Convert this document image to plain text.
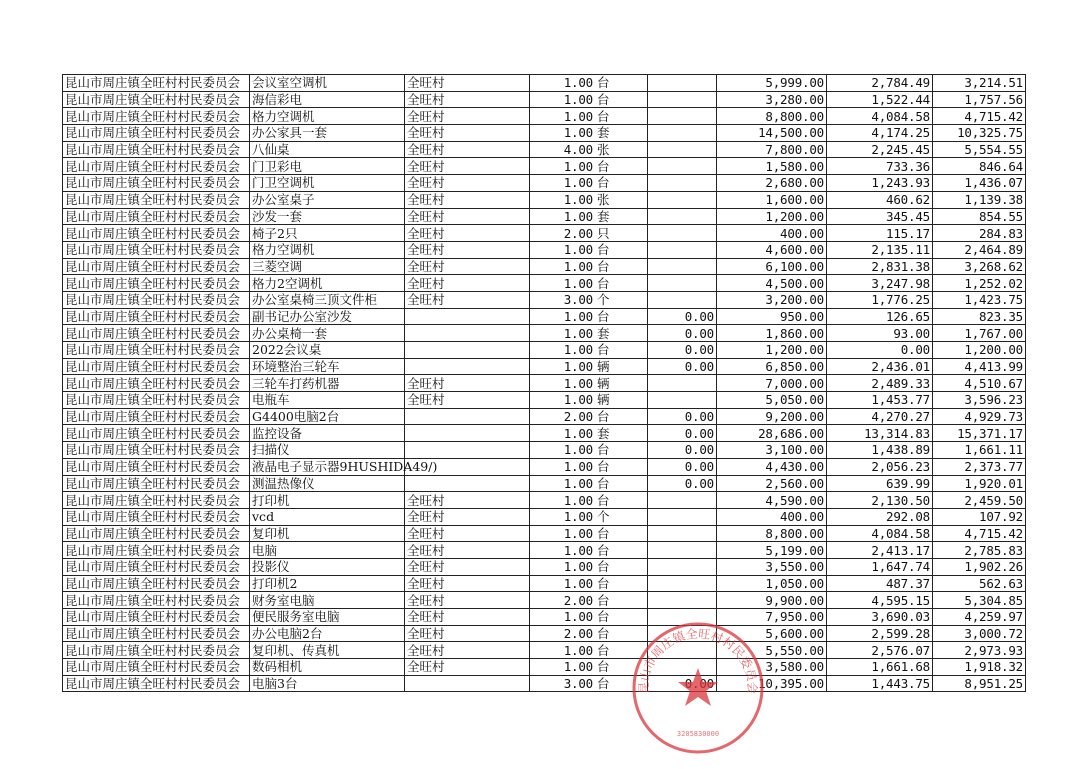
昆山市周庄镇全旺村村民委员会	会议室空调机	全旺村	1.00	台		5,999.00	2,784.49	3,214.51
昆山市周庄镇全旺村村民委员会	海信彩电	全旺村	1.00	台		3,280.00	1,522.44	1,757.56
昆山市周庄镇全旺村村民委员会	格力空调机	全旺村	1.00	台		8,800.00	4,084.58	4,715.42
昆山市周庄镇全旺村村民委员会	办公家具一套	全旺村	1.00	套		14,500.00	4,174.25	10,325.75
昆山市周庄镇全旺村村民委员会	八仙桌	全旺村	4.00	张		7,800.00	2,245.45	5,554.55
昆山市周庄镇全旺村村民委员会	门卫彩电	全旺村	1.00	台		1,580.00	733.36	846.64
昆山市周庄镇全旺村村民委员会	门卫空调机	全旺村	1.00	台		2,680.00	1,243.93	1,436.07
昆山市周庄镇全旺村村民委员会	办公室桌子	全旺村	1.00	张		1,600.00	460.62	1,139.38
昆山市周庄镇全旺村村民委员会	沙发一套	全旺村	1.00	套		1,200.00	345.45	854.55
昆山市周庄镇全旺村村民委员会	椅子2只	全旺村	2.00	只		400.00	115.17	284.83
昆山市周庄镇全旺村村民委员会	格力空调机	全旺村	1.00	台		4,600.00	2,135.11	2,464.89
昆山市周庄镇全旺村村民委员会	三菱空调	全旺村	1.00	台		6,100.00	2,831.38	3,268.62
昆山市周庄镇全旺村村民委员会	格力2空调机	全旺村	1.00	台		4,500.00	3,247.98	1,252.02
昆山市周庄镇全旺村村民委员会	办公室桌椅三顶文件柜	全旺村	3.00	个		3,200.00	1,776.25	1,423.75
昆山市周庄镇全旺村村民委员会	副书记办公室沙发		1.00	台	0.00	950.00	126.65	823.35
昆山市周庄镇全旺村村民委员会	办公桌椅一套		1.00	套	0.00	1,860.00	93.00	1,767.00
昆山市周庄镇全旺村村民委员会	2022会议桌		1.00	台	0.00	1,200.00	0.00	1,200.00
昆山市周庄镇全旺村村民委员会	环境整治三轮车		1.00	辆	0.00	6,850.00	2,436.01	4,413.99
昆山市周庄镇全旺村村民委员会	三轮车打药机器	全旺村	1.00	辆		7,000.00	2,489.33	4,510.67
昆山市周庄镇全旺村村民委员会	电瓶车	全旺村	1.00	辆		5,050.00	1,453.77	3,596.23
昆山市周庄镇全旺村村民委员会	G4400电脑2台		2.00	台	0.00	9,200.00	4,270.27	4,929.73
昆山市周庄镇全旺村村民委员会	监控设备		1.00	套	0.00	28,686.00	13,314.83	15,371.17
昆山市周庄镇全旺村村民委员会	扫描仪		1.00	台	0.00	3,100.00	1,438.89	1,661.11
昆山市周庄镇全旺村村民委员会	液晶电子显示器9HUSHIDA49/)		1.00	台	0.00	4,430.00	2,056.23	2,373.77
昆山市周庄镇全旺村村民委员会	测温热像仪		1.00	台	0.00	2,560.00	639.99	1,920.01
昆山市周庄镇全旺村村民委员会	打印机	全旺村	1.00	台		4,590.00	2,130.50	2,459.50
昆山市周庄镇全旺村村民委员会	vcd	全旺村	1.00	个		400.00	292.08	107.92
昆山市周庄镇全旺村村民委员会	复印机	全旺村	1.00	台		8,800.00	4,084.58	4,715.42
昆山市周庄镇全旺村村民委员会	电脑	全旺村	1.00	台		5,199.00	2,413.17	2,785.83
昆山市周庄镇全旺村村民委员会	投影仪	全旺村	1.00	台		3,550.00	1,647.74	1,902.26
昆山市周庄镇全旺村村民委员会	打印机2	全旺村	1.00	台		1,050.00	487.37	562.63
昆山市周庄镇全旺村村民委员会	财务室电脑	全旺村	2.00	台		9,900.00	4,595.15	5,304.85
昆山市周庄镇全旺村村民委员会	便民服务室电脑	全旺村	1.00	台		7,950.00	3,690.03	4,259.97
昆山市周庄镇全旺村村民委员会	办公电脑2台	全旺村	2.00	台		5,600.00	2,599.28	3,000.72
昆山市周庄镇全旺村村民委员会	复印机、传真机	全旺村	1.00	台		5,550.00	2,576.07	2,973.93
昆山市周庄镇全旺村村民委员会	数码相机	全旺村	1.00	台		3,580.00	1,661.68	1,918.32
昆山市周庄镇全旺村村民委员会	电脑3台		3.00	台		10,395.00	1,443.75	8,951.25
昆山市周庄镇全旺村村民委员会
3205830000
